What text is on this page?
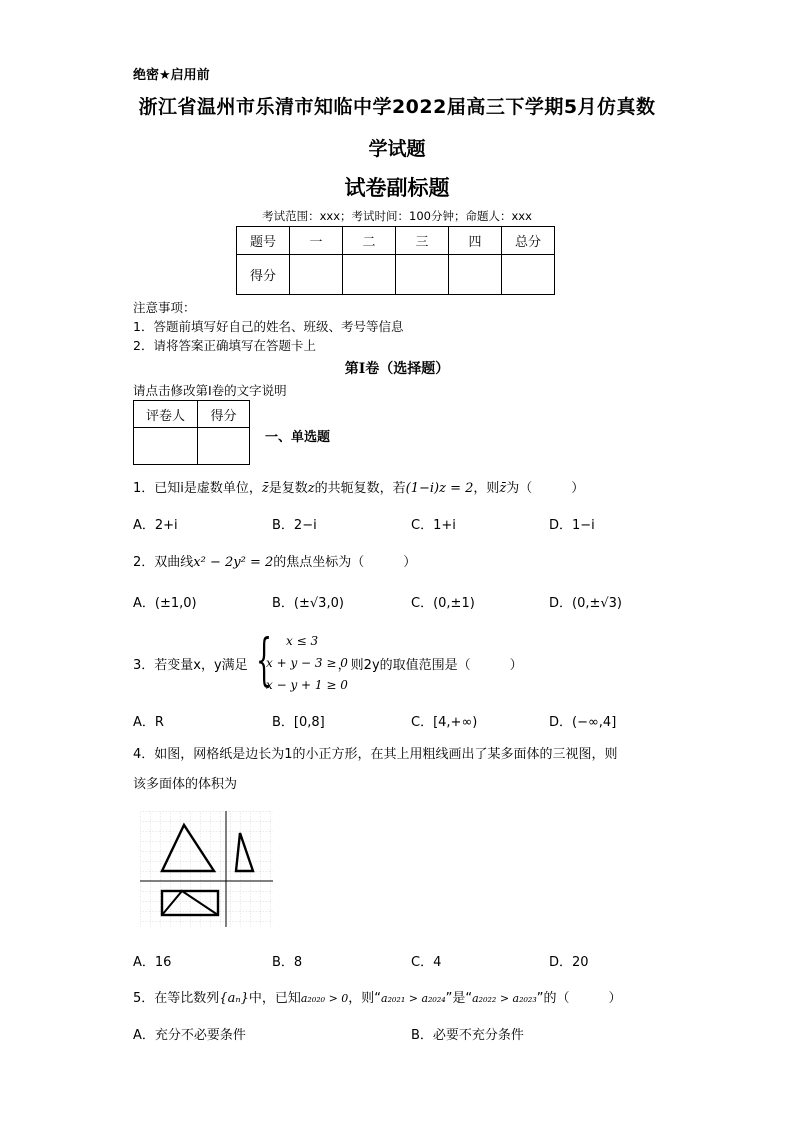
绝密★启用前
浙江省温州市乐清市知临中学2022届高三下学期5月仿真数
学试题
试卷副标题
考试范围：xxx；考试时间：100分钟；命题人：xxx
题号	一	二	三	四	总分
得分					
注意事项：
1．答题前填写好自己的姓名、班级、考号等信息
2．请将答案正确填写在答题卡上
第I卷（选择题）
请点击修改第I卷的文字说明
评卷人	得分

一、单选题
1．已知i是虚数单位，z̄是复数z的共轭复数，若(1−i)z = 2，则z̄为（　　　）
A．2+i	B．2−i	C．1+i	D．1−i
2．双曲线x² − 2y² = 2的焦点坐标为（　　　）
A．(±1,0)	B．(±√3,0)	C．(0,±1)	D．(0,±√3)
3．若变量x，y满足	，则2y的取值范围是（　　　）
{	x ≤ 3
x + y − 3 ≥ 0
x − y + 1 ≥ 0
A．R	B．[0,8]	C．[4,+∞)	D．(−∞,4]
4．如图，网格纸是边长为1的小正方形，在其上用粗线画出了某多面体的三视图，则
该多面体的体积为
A．16	B．8	C．4	D．20
5．在等比数列{aₙ}中，已知a₂₀₂₀ > 0，则“a₂₀₂₁ > a₂₀₂₄”是“a₂₀₂₂ > a₂₀₂₃”的（　　　）
A．充分不必要条件	B．必要不充分条件
